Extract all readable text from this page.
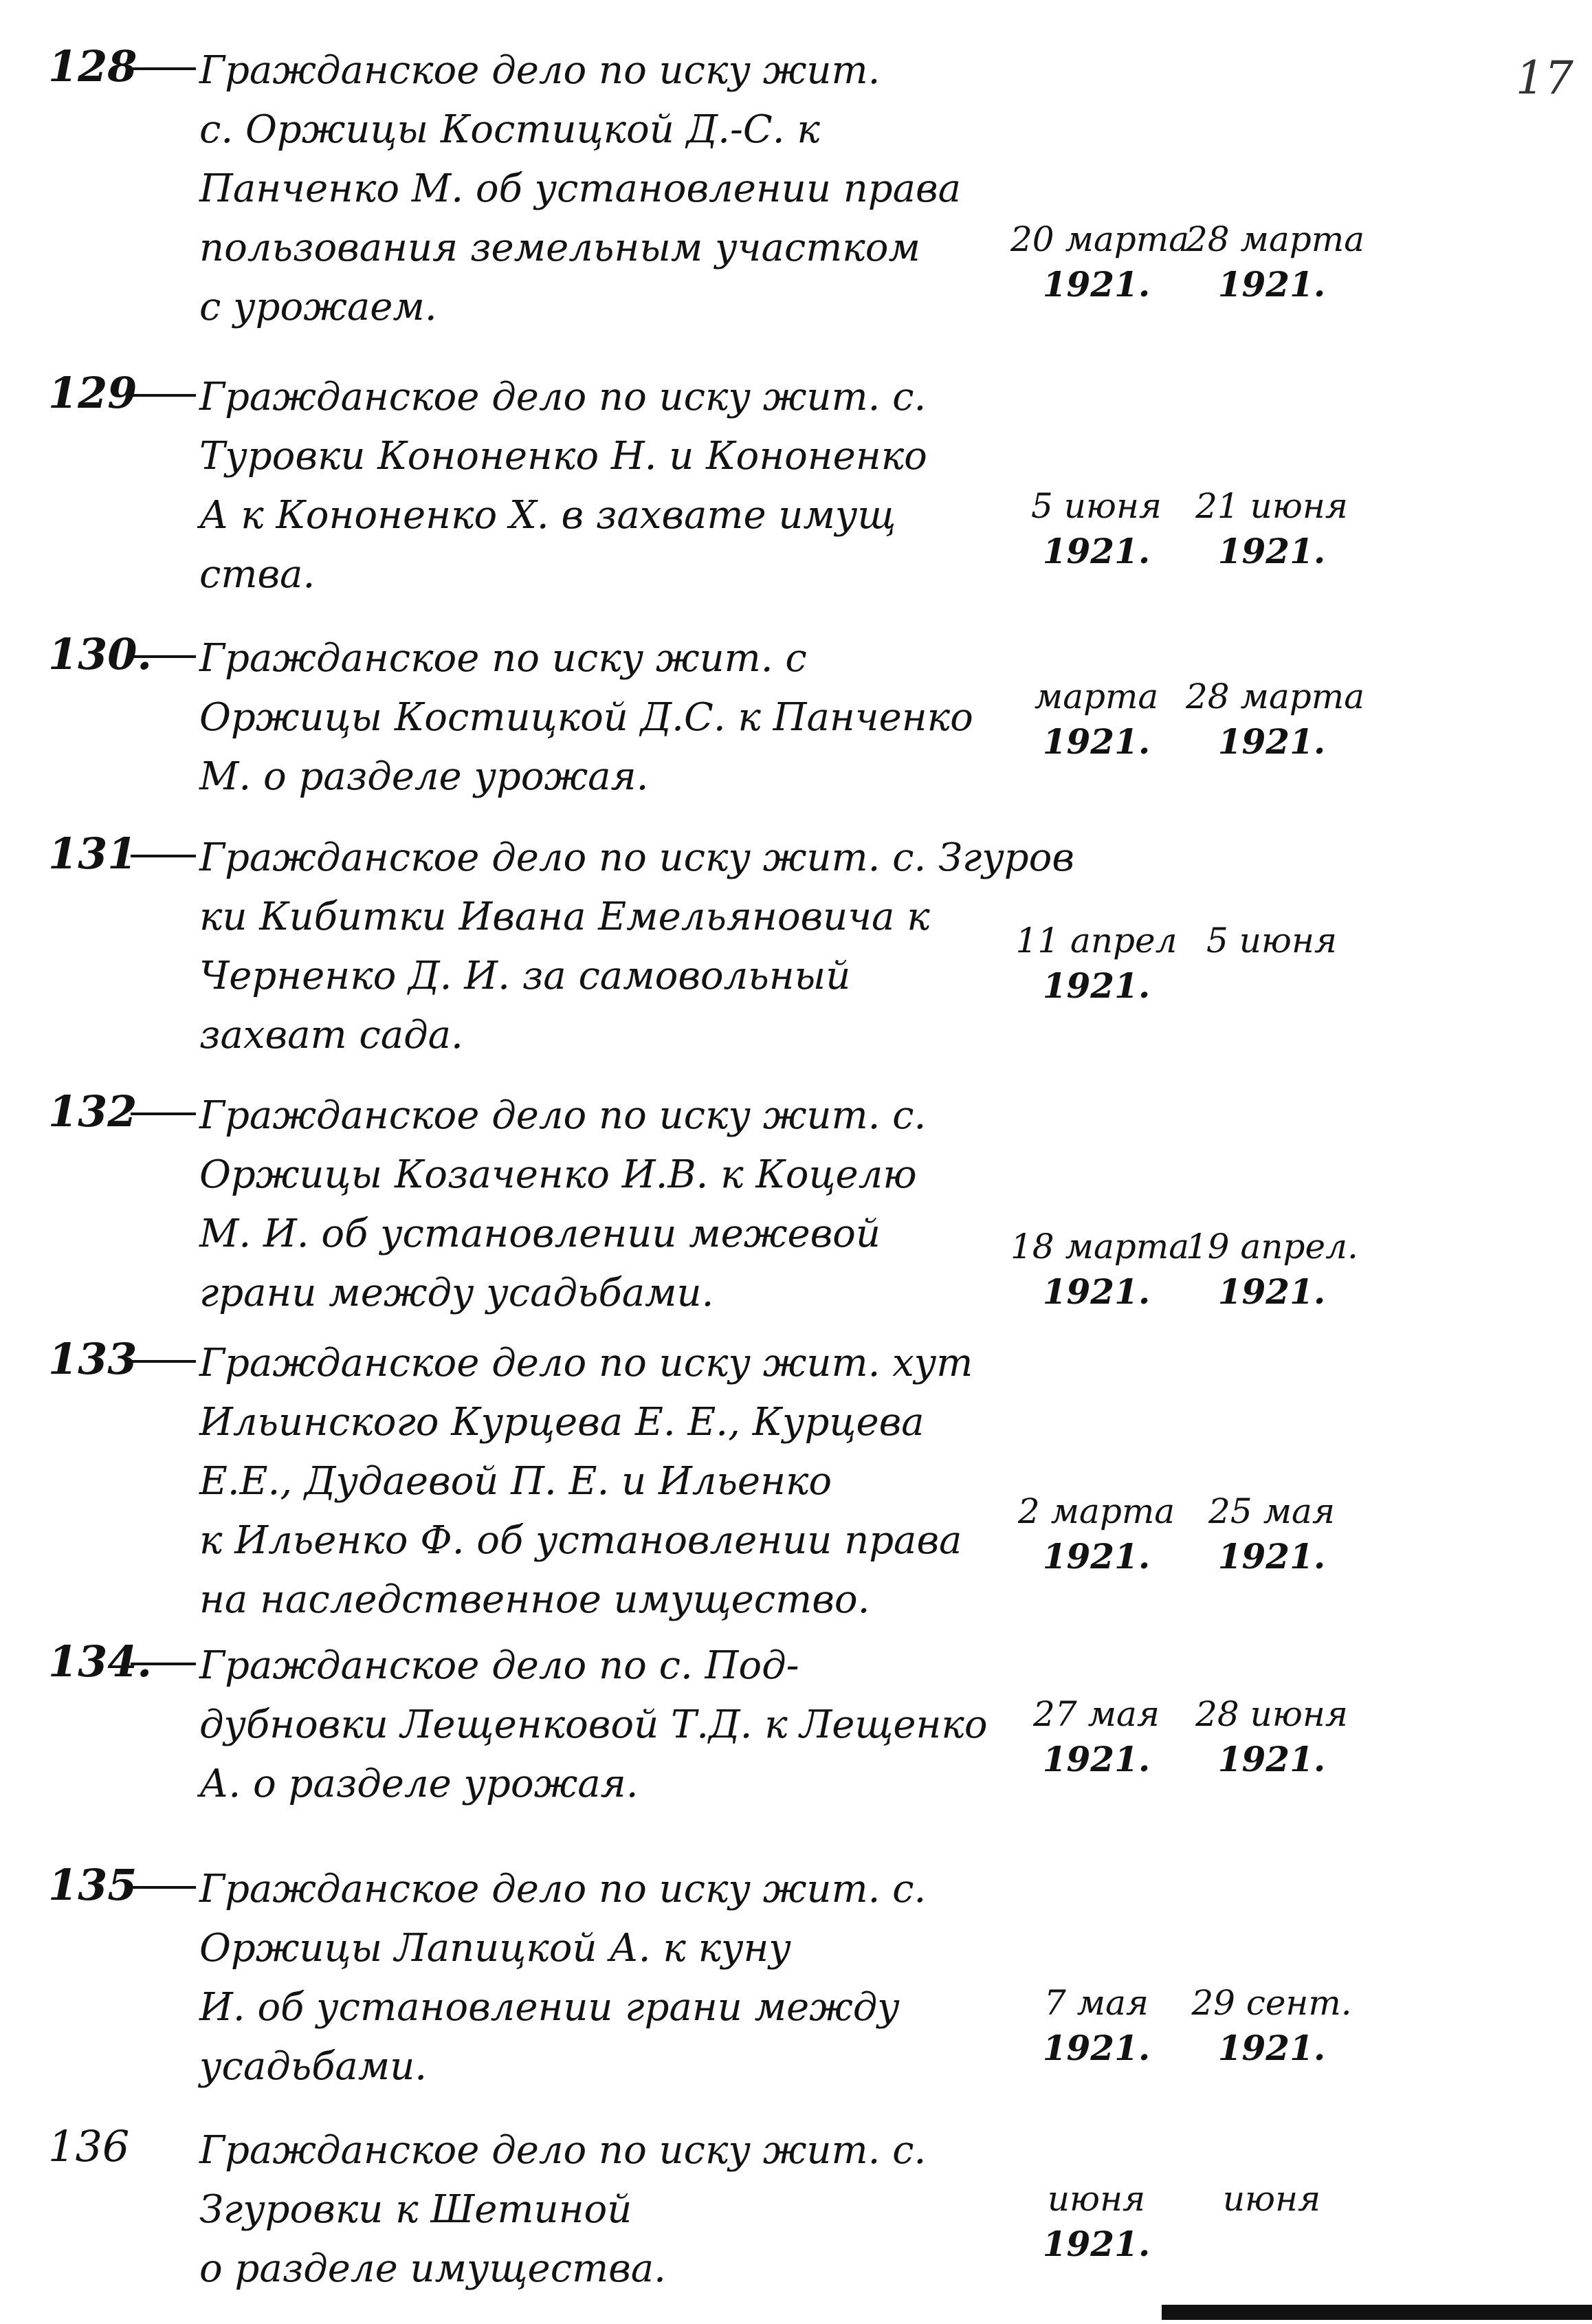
17
128 Гражданское дело по иску жит.
с. Оржицы Костицкой Д.-С. к
Панченко М. об установлении права
пользования земельным участком
с урожаем.
20 марта
1921.
28 марта
1921.
129 Гражданское дело по иску жит. с.
Туровки Кононенко Н. и Кононенко
А к Кононенко Х. в захвате имущ
ства.
5 июня
1921.
21 июня
1921.
130. Гражданское по иску жит. с
Оржицы Костицкой Д.С. к Панченко
М. о разделе урожая.
марта
1921.
28 марта
1921.
131 Гражданское дело по иску жит. с. Згуров
ки Кибитки Ивана Емельяновича к
Черненко Д. И. за самовольный
захват сада.
11 апрел
1921.
5 июня
132 Гражданское дело по иску жит. с.
Оржицы Козаченко И.В. к Коцелю
М. И. об установлении межевой
грани между усадьбами.
18 марта
1921.
19 апрел.
1921.
133 Гражданское дело по иску жит. хут
Ильинского Курцева Е. Е., Курцева
Е.Е., Дудаевой П. Е. и Ильенко
к Ильенко Ф. об установлении права
на наследственное имущество.
2 марта
1921.
25 мая
1921.
134. Гражданское дело по с. Под-
дубновки Лещенковой Т.Д. к Лещенко
А. о разделе урожая.
27 мая
1921.
28 июня
1921.
135 Гражданское дело по иску жит. с.
Оржицы Лапицкой А. к куну
И. об установлении грани между
усадьбами.
7 мая
1921.
29 сент.
1921.
136 Гражданское дело по иску жит. с.
Згуровки к Шетиной
о разделе имущества.
июня
1921.
июня
